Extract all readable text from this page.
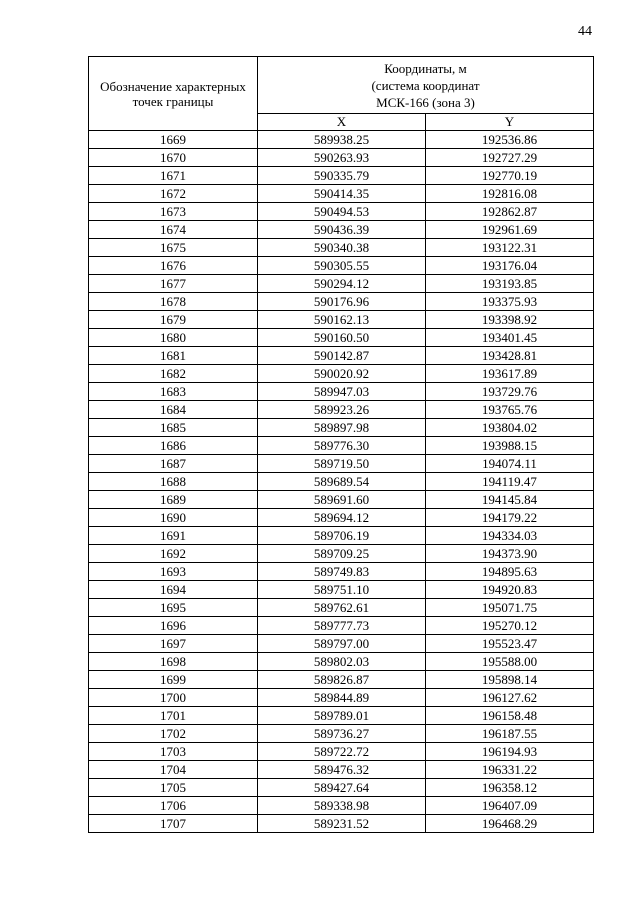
44
Обозначение характерных точек границы	Координаты, м
(система координат
МСК-166 (зона 3)	
	X	Y
1669	589938.25	192536.86
1670	590263.93	192727.29
1671	590335.79	192770.19
1672	590414.35	192816.08
1673	590494.53	192862.87
1674	590436.39	192961.69
1675	590340.38	193122.31
1676	590305.55	193176.04
1677	590294.12	193193.85
1678	590176.96	193375.93
1679	590162.13	193398.92
1680	590160.50	193401.45
1681	590142.87	193428.81
1682	590020.92	193617.89
1683	589947.03	193729.76
1684	589923.26	193765.76
1685	589897.98	193804.02
1686	589776.30	193988.15
1687	589719.50	194074.11
1688	589689.54	194119.47
1689	589691.60	194145.84
1690	589694.12	194179.22
1691	589706.19	194334.03
1692	589709.25	194373.90
1693	589749.83	194895.63
1694	589751.10	194920.83
1695	589762.61	195071.75
1696	589777.73	195270.12
1697	589797.00	195523.47
1698	589802.03	195588.00
1699	589826.87	195898.14
1700	589844.89	196127.62
1701	589789.01	196158.48
1702	589736.27	196187.55
1703	589722.72	196194.93
1704	589476.32	196331.22
1705	589427.64	196358.12
1706	589338.98	196407.09
1707	589231.52	196468.29
